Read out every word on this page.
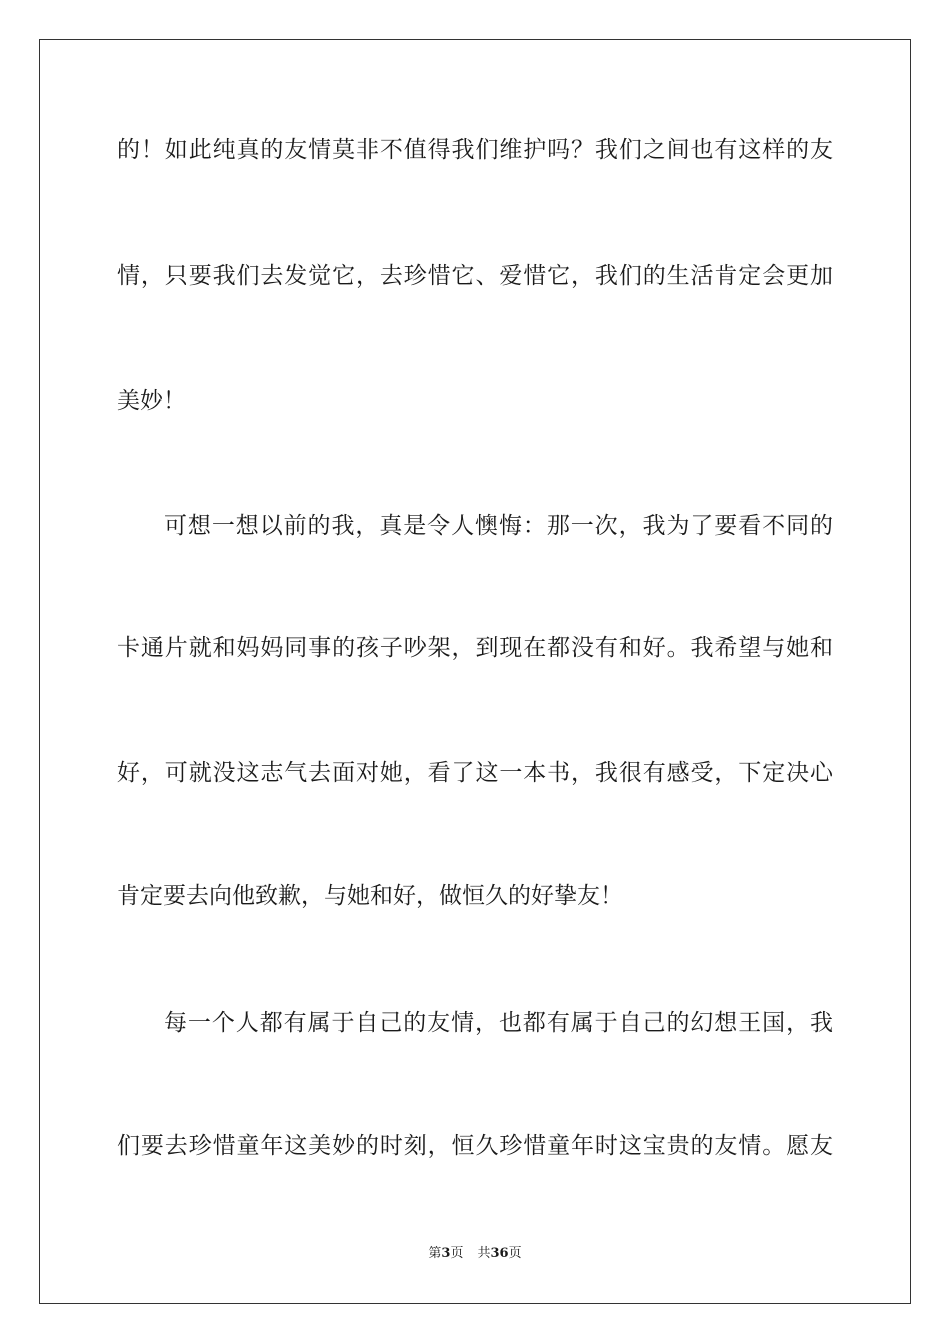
的！如此纯真的友情莫非不值得我们维护吗？我们之间也有这样的友
情，只要我们去发觉它，去珍惜它、爱惜它，我们的生活肯定会更加
美妙！
可想一想以前的我，真是令人懊悔：那一次，我为了要看不同的
卡通片就和妈妈同事的孩子吵架，到现在都没有和好。我希望与她和
好，可就没这志气去面对她，看了这一本书，我很有感受，下定决心
肯定要去向他致歉，与她和好，做恒久的好挚友！
每一个人都有属于自己的友情，也都有属于自己的幻想王国，我
们要去珍惜童年这美妙的时刻，恒久珍惜童年时这宝贵的友情。愿友
第3页 共36页
